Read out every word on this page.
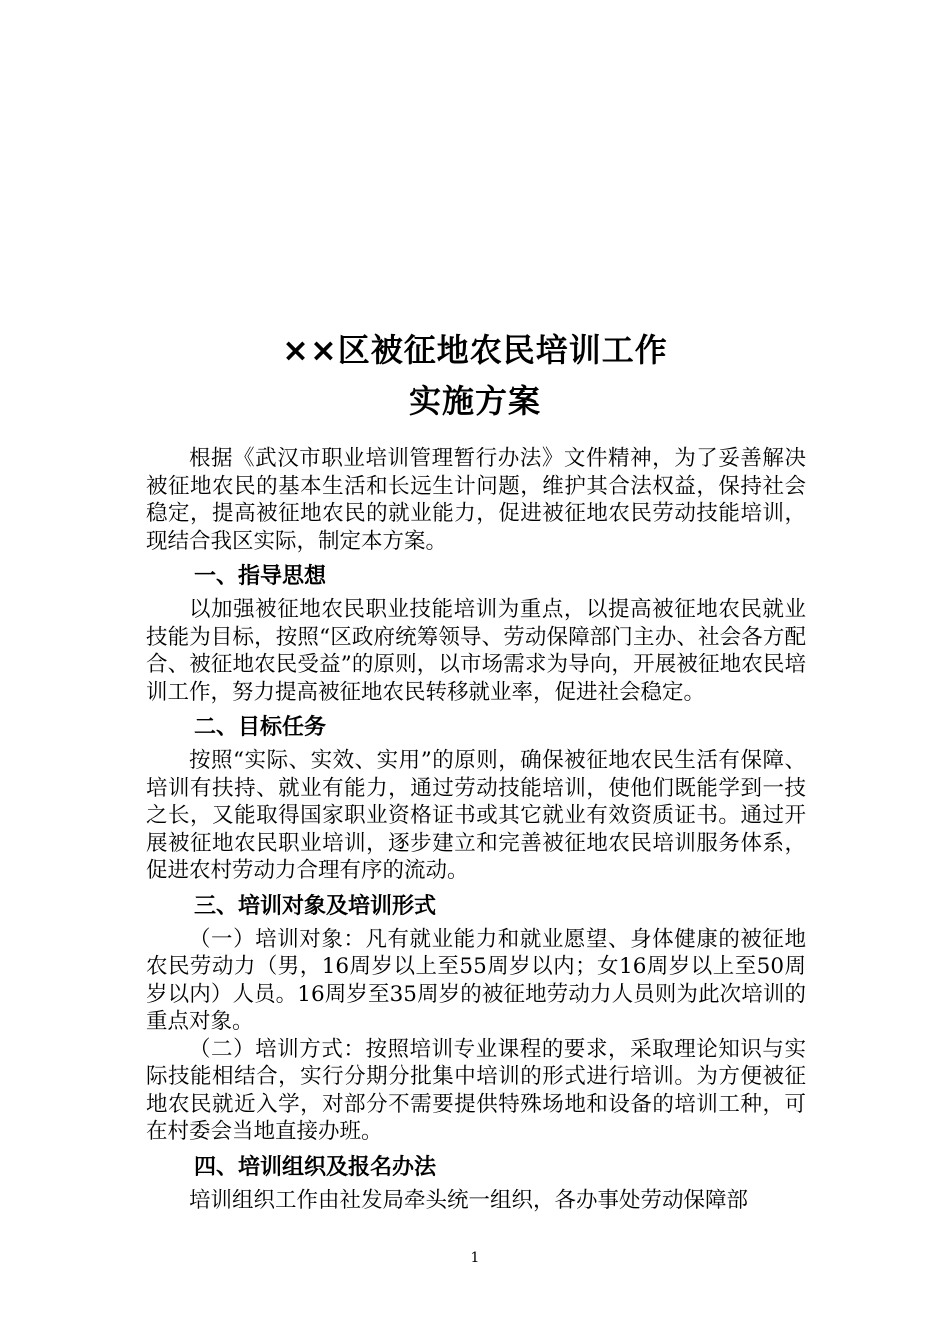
××区被征地农民培训工作
实施方案

根据《武汉市职业培训管理暂行办法》文件精神，为了妥善解决被征地农民的基本生活和长远生计问题，维护其合法权益，保持社会稳定，提高被征地农民的就业能力，促进被征地农民劳动技能培训，现结合我区实际，制定本方案。

一、指导思想

以加强被征地农民职业技能培训为重点，以提高被征地农民就业技能为目标，按照“区政府统筹领导、劳动保障部门主办、社会各方配合、被征地农民受益”的原则，以市场需求为导向，开展被征地农民培训工作，努力提高被征地农民转移就业率，促进社会稳定。

二、目标任务

按照“实际、实效、实用”的原则，确保被征地农民生活有保障、培训有扶持、就业有能力，通过劳动技能培训，使他们既能学到一技之长，又能取得国家职业资格证书或其它就业有效资质证书。通过开展被征地农民职业培训，逐步建立和完善被征地农民培训服务体系，促进农村劳动力合理有序的流动。

三、培训对象及培训形式

（一）培训对象：凡有就业能力和就业愿望、身体健康的被征地农民劳动力（男，16周岁以上至55周岁以内；女16周岁以上至50周岁以内）人员。16周岁至35周岁的被征地劳动力人员则为此次培训的重点对象。

（二）培训方式：按照培训专业课程的要求，采取理论知识与实际技能相结合，实行分期分批集中培训的形式进行培训。为方便被征地农民就近入学，对部分不需要提供特殊场地和设备的培训工种，可在村委会当地直接办班。

四、培训组织及报名办法

培训组织工作由社发局牵头统一组织，各办事处劳动保障部

1
